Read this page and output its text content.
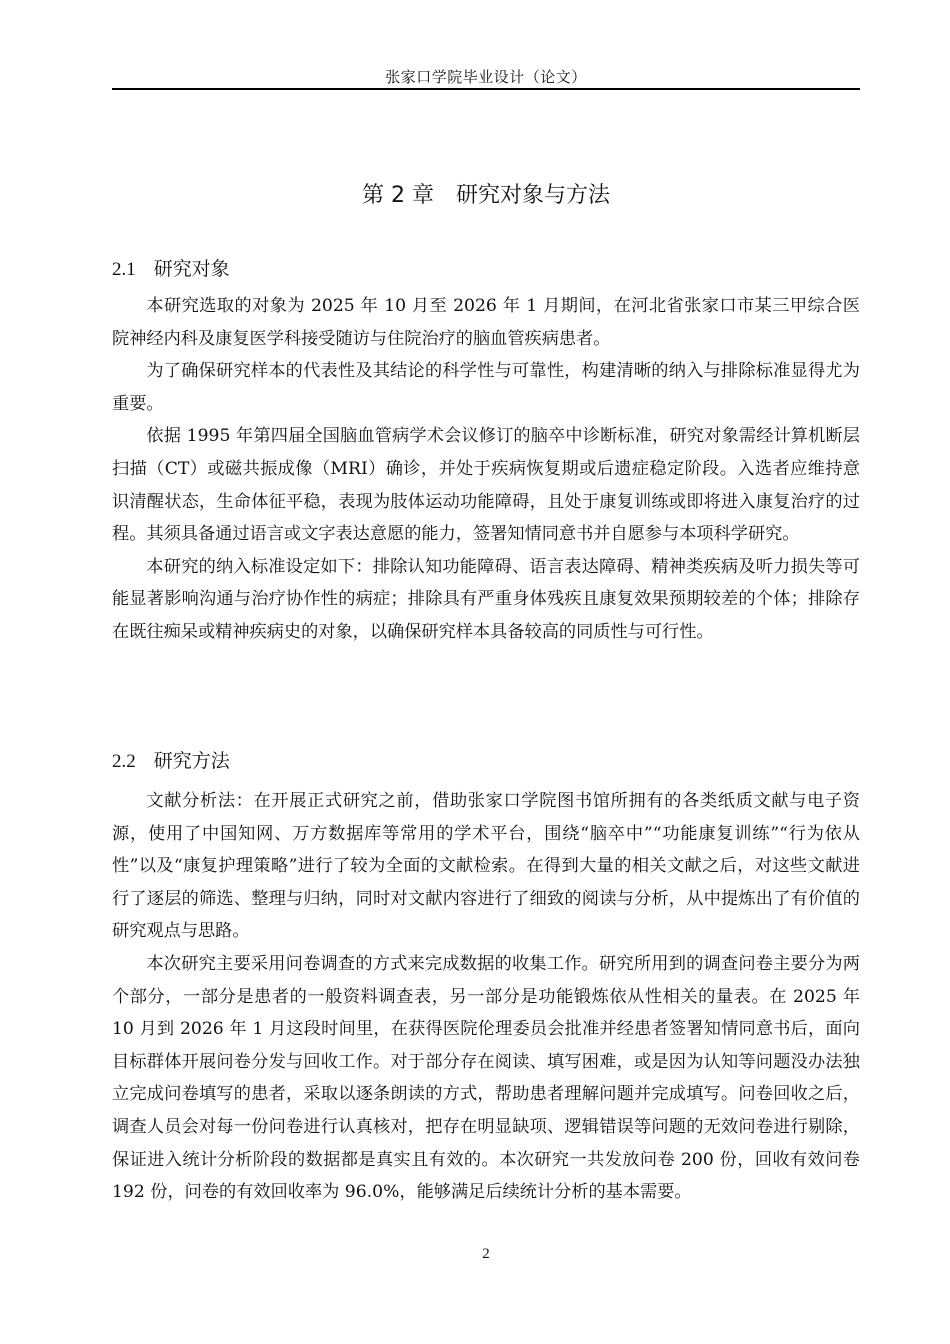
张家口学院毕业设计（论文）
第 2 章　研究对象与方法
2.1 研究对象

本研究选取的对象为 2025 年 10 月至 2026 年 1 月期间，在河北省张家口市某三甲综合医院神经内科及康复医学科接受随访与住院治疗的脑血管疾病患者。

为了确保研究样本的代表性及其结论的科学性与可靠性，构建清晰的纳入与排除标准显得尤为重要。

依据 1995 年第四届全国脑血管病学术会议修订的脑卒中诊断标准，研究对象需经计算机断层扫描（CT）或磁共振成像（MRI）确诊，并处于疾病恢复期或后遗症稳定阶段。入选者应维持意识清醒状态，生命体征平稳，表现为肢体运动功能障碍，且处于康复训练或即将进入康复治疗的过程。其须具备通过语言或文字表达意愿的能力，签署知情同意书并自愿参与本项科学研究。

本研究的纳入标准设定如下：排除认知功能障碍、语言表达障碍、精神类疾病及听力损失等可能显著影响沟通与治疗协作性的病症；排除具有严重身体残疾且康复效果预期较差的个体；排除存在既往痴呆或精神疾病史的对象，以确保研究样本具备较高的同质性与可行性。

2.2 研究方法

文献分析法：在开展正式研究之前，借助张家口学院图书馆所拥有的各类纸质文献与电子资源，使用了中国知网、万方数据库等常用的学术平台，围绕“脑卒中”“功能康复训练”“行为依从性”以及“康复护理策略”进行了较为全面的文献检索。在得到大量的相关文献之后，对这些文献进行了逐层的筛选、整理与归纳，同时对文献内容进行了细致的阅读与分析，从中提炼出了有价值的研究观点与思路。

本次研究主要采用问卷调查的方式来完成数据的收集工作。研究所用到的调查问卷主要分为两个部分，一部分是患者的一般资料调查表，另一部分是功能锻炼依从性相关的量表。在 2025 年 10 月到 2026 年 1 月这段时间里，在获得医院伦理委员会批准并经患者签署知情同意书后，面向目标群体开展问卷分发与回收工作。对于部分存在阅读、填写困难，或是因为认知等问题没办法独立完成问卷填写的患者，采取以逐条朗读的方式，帮助患者理解问题并完成填写。问卷回收之后，调查人员会对每一份问卷进行认真核对，把存在明显缺项、逻辑错误等问题的无效问卷进行剔除，保证进入统计分析阶段的数据都是真实且有效的。本次研究一共发放问卷 200 份，回收有效问卷 192 份，问卷的有效回收率为 96.0%，能够满足后续统计分析的基本需要。

2
